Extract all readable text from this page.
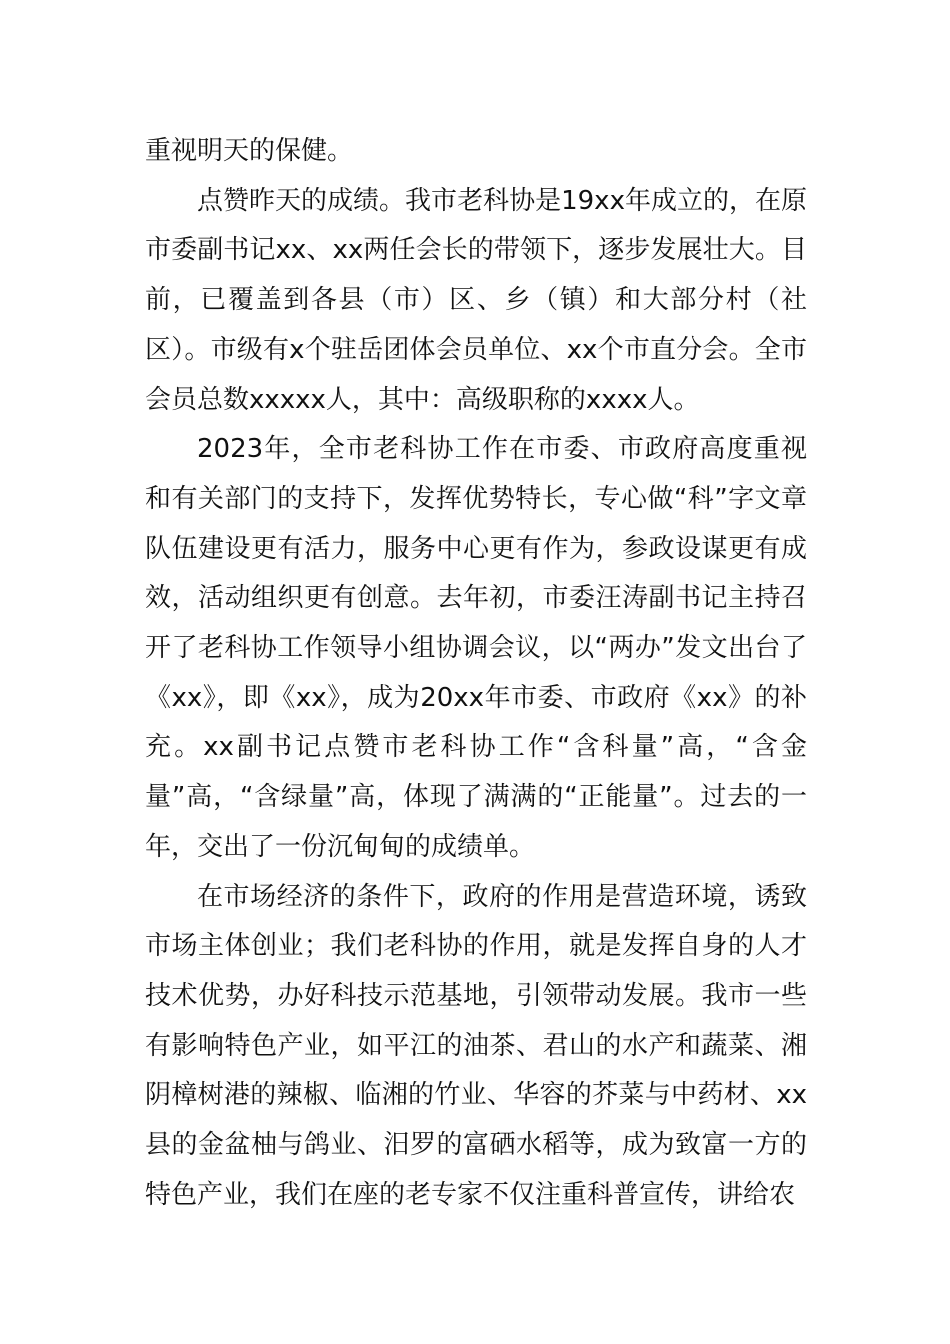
重视明天的保健。

点赞昨天的成绩。我市老科协是19xx年成立的，在原市委副书记xx、xx两任会长的带领下，逐步发展壮大。目前，已覆盖到各县（市）区、乡（镇）和大部分村（社区）。市级有x个驻岳团体会员单位、xx个市直分会。全市会员总数xxxxx人，其中：高级职称的xxxx人。

2023年，全市老科协工作在市委、市政府高度重视和有关部门的支持下，发挥优势特长，专心做“科”字文章队伍建设更有活力，服务中心更有作为，参政设谋更有成效，活动组织更有创意。去年初，市委汪涛副书记主持召开了老科协工作领导小组协调会议，以“两办”发文出台了《xx》，即《xx》，成为20xx年市委、市政府《xx》的补充。xx副书记点赞市老科协工作“含科量”高，“含金量”高，“含绿量”高，体现了满满的“正能量”。过去的一年，交出了一份沉甸甸的成绩单。

在市场经济的条件下，政府的作用是营造环境，诱致市场主体创业；我们老科协的作用，就是发挥自身的人才技术优势，办好科技示范基地，引领带动发展。我市一些有影响特色产业，如平江的油茶、君山的水产和蔬菜、湘阴樟树港的辣椒、临湘的竹业、华容的芥菜与中药材、xx县的金盆柚与鸽业、汨罗的富硒水稻等，成为致富一方的特色产业，我们在座的老专家不仅注重科普宣传，讲给农
